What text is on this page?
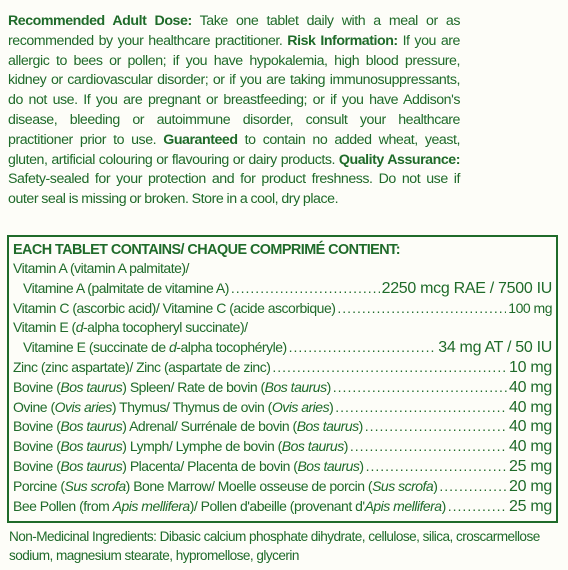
Recommended Adult Dose: Take one tablet daily with a meal or as recommended by your healthcare practitioner. Risk Information: If you are allergic to bees or pollen; if you have hypokalemia, high blood pressure, kidney or cardiovascular disorder; or if you are taking immunosuppressants, do not use. If you are pregnant or breastfeeding; or if you have Addison's disease, bleeding or autoimmune disorder, consult your healthcare practitioner prior to use. Guaranteed to contain no added wheat, yeast, gluten, artificial colouring or flavouring or dairy products. Quality Assurance: Safety-sealed for your protection and for product freshness. Do not use if outer seal is missing or broken. Store in a cool, dry place.
EACH TABLET CONTAINS/ CHAQUE COMPRIMÉ CONTIENT:
Vitamin A (vitamin A palmitate)/
Vitamine A (palmitate de vitamine A) .....	2250 mcg RAE / 7500 IU
Vitamin C (ascorbic acid)/ Vitamine C (acide ascorbique) .....	100 mg
Vitamin E (d-alpha tocopheryl succinate)/
Vitamine E (succinate de d-alpha tocophéryle) .....	34 mg AT / 50 IU
Zinc (zinc aspartate)/ Zinc (aspartate de zinc) .....	10 mg
Bovine (Bos taurus) Spleen/ Rate de bovin (Bos taurus) .....	40 mg
Ovine (Ovis aries) Thymus/ Thymus de ovin (Ovis aries) .....	40 mg
Bovine (Bos taurus) Adrenal/ Surrénale de bovin (Bos taurus) .....	40 mg
Bovine (Bos taurus) Lymph/ Lymphe de bovin (Bos taurus) .....	40 mg
Bovine (Bos taurus) Placenta/ Placenta de bovin (Bos taurus) .....	25 mg
Porcine (Sus scrofa) Bone Marrow/ Moelle osseuse de porcin (Sus scrofa) .....	20 mg
Bee Pollen (from Apis mellifera)/ Pollen d'abeille (provenant d'Apis mellifera) .....	25 mg
Non-Medicinal Ingredients: Dibasic calcium phosphate dihydrate, cellulose, silica, croscarmellose sodium, magnesium stearate, hypromellose, glycerin
